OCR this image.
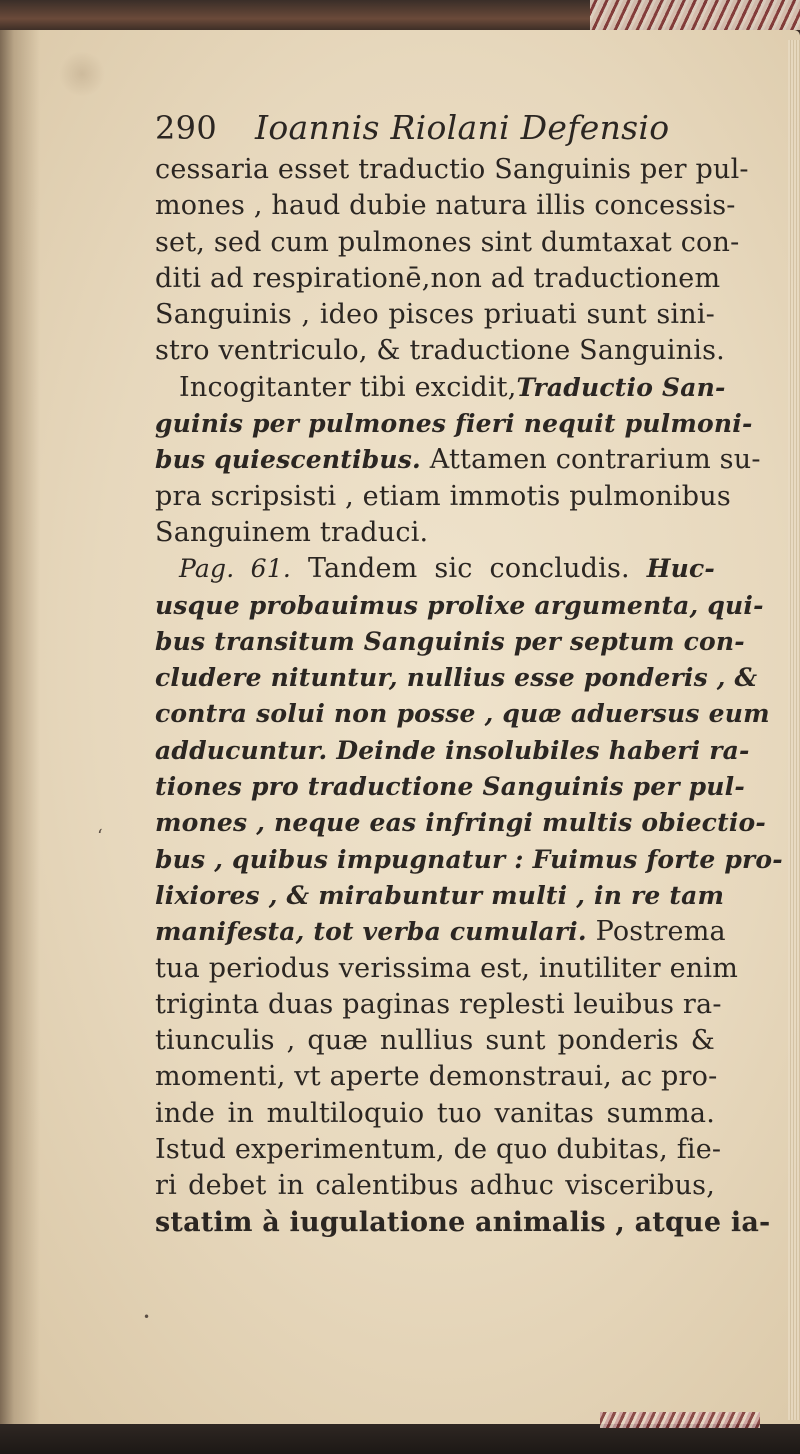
290	Ioannis Riolani Defensio
cessaria esset traductio Sanguinis per pul-
mones , haud dubie natura illis concessis-
set, sed cum pulmones sint dumtaxat con-
diti ad respirationē,non ad traductionem
Sanguinis , ideo pisces priuati sunt sini-
stro ventriculo, & traductione Sanguinis.
Incogitanter tibi excidit,Traductio San-
guinis per pulmones fieri nequit pulmoni-
bus quiescentibus. Attamen contrarium su-
pra scripsisti , etiam immotis pulmonibus
Sanguinem traduci.
Pag. 61. Tandem sic concludis. Huc-
usque probauimus prolixe argumenta, qui-
bus transitum Sanguinis per septum con-
cludere nituntur, nullius esse ponderis , &
contra solui non posse , quæ aduersus eum
adducuntur. Deinde insolubiles haberi ra-
tiones pro traductione Sanguinis per pul-
mones , neque eas infringi multis obiectio-
bus , quibus impugnatur : Fuimus forte pro-
lixiores , & mirabuntur multi , in re tam
manifesta, tot verba cumulari. Postrema
tua periodus verissima est, inutiliter enim
triginta duas paginas replesti leuibus ra-
tiunculis , quæ nullius sunt ponderis &
momenti, vt aperte demonstraui, ac pro-
inde in multiloquio tuo vanitas summa.
Istud experimentum, de quo dubitas, fie-
ri debet in calentibus adhuc visceribus,
statim à iugulatione animalis , atque ia-
‘
•
